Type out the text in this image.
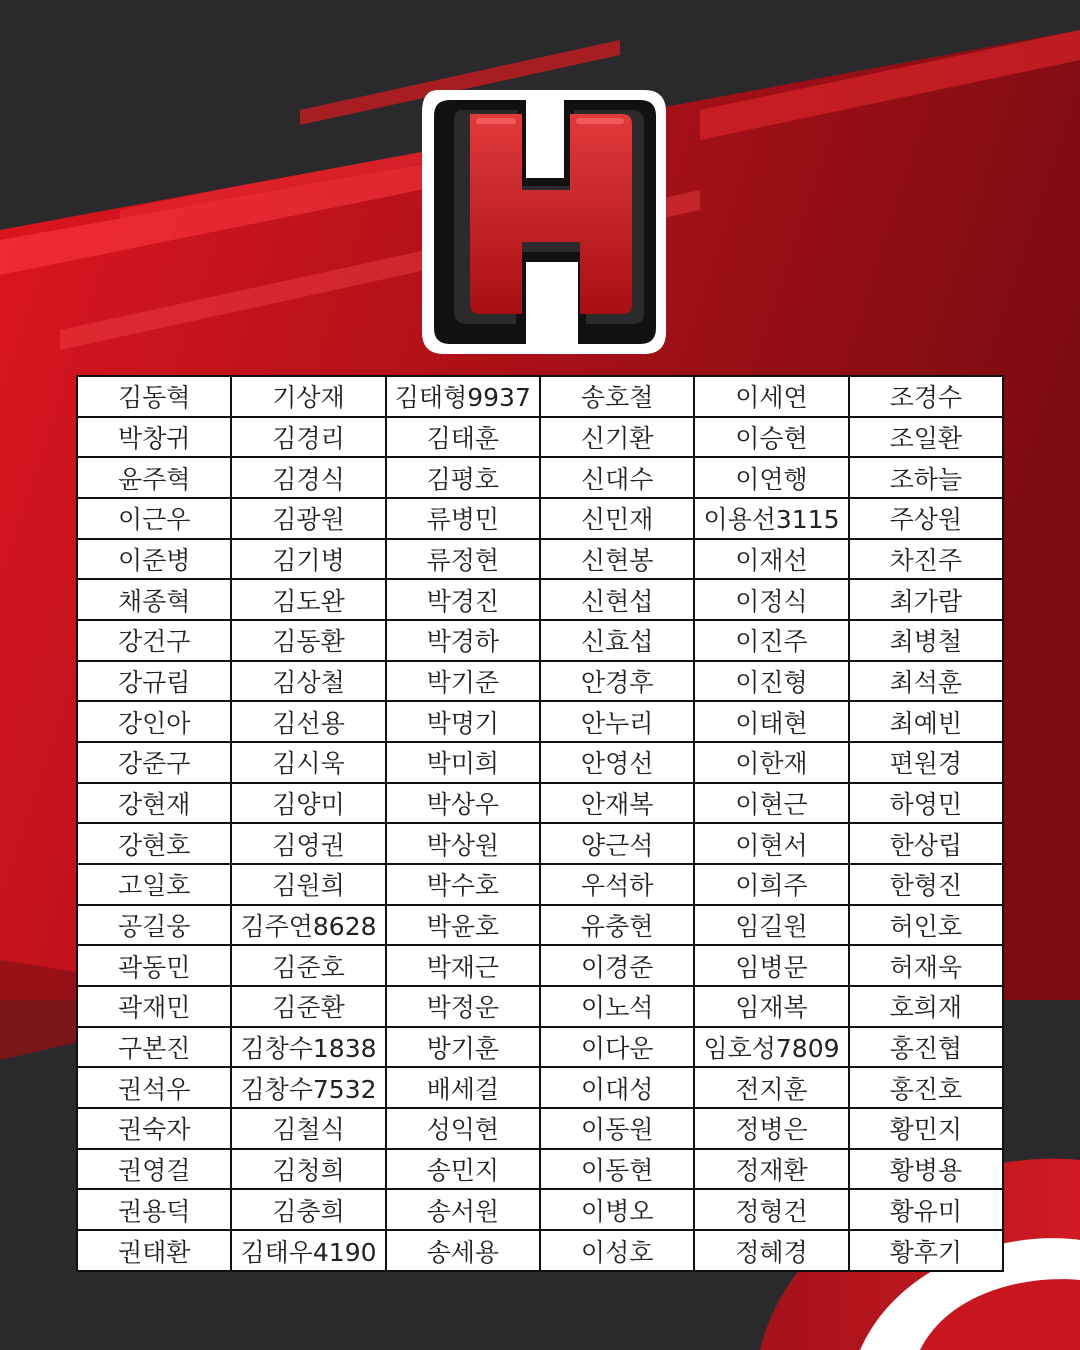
김동혁	기상재	김태형9937	송호철	이세연	조경수
박창귀	김경리	김태훈	신기환	이승현	조일환
윤주혁	김경식	김평호	신대수	이연행	조하늘
이근우	김광원	류병민	신민재	이용선3115	주상원
이준병	김기병	류정현	신현봉	이재선	차진주
채종혁	김도완	박경진	신현섭	이정식	최가람
강건구	김동환	박경하	신효섭	이진주	최병철
강규림	김상철	박기준	안경후	이진형	최석훈
강인아	김선용	박명기	안누리	이태현	최예빈
강준구	김시욱	박미희	안영선	이한재	편원경
강현재	김양미	박상우	안재복	이현근	하영민
강현호	김영권	박상원	양근석	이현서	한상립
고일호	김원희	박수호	우석하	이희주	한형진
공길웅	김주연8628	박윤호	유충현	임길원	허인호
곽동민	김준호	박재근	이경준	임병문	허재욱
곽재민	김준환	박정운	이노석	임재복	호희재
구본진	김창수1838	방기훈	이다운	임호성7809	홍진협
권석우	김창수7532	배세걸	이대성	전지훈	홍진호
권숙자	김철식	성익현	이동원	정병은	황민지
권영걸	김청희	송민지	이동현	정재환	황병용
권용덕	김충희	송서원	이병오	정형건	황유미
권태환	김태우4190	송세용	이성호	정혜경	황후기
